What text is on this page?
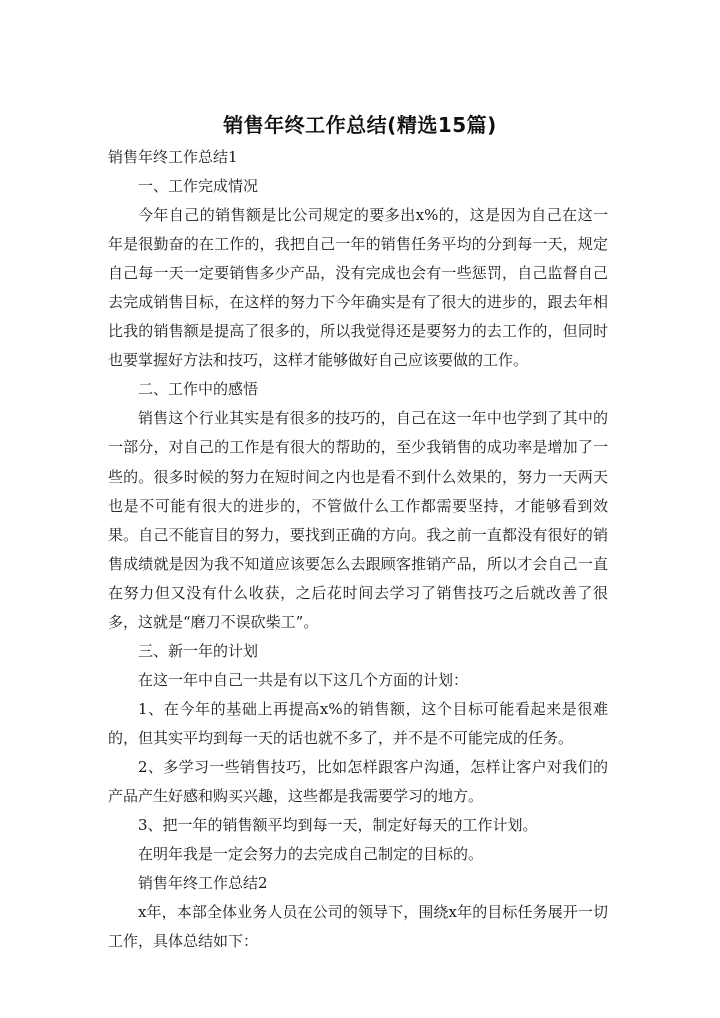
销售年终工作总结(精选15篇)

销售年终工作总结1

一、工作完成情况

今年自己的销售额是比公司规定的要多出x%的，这是因为自己在这一年是很勤奋的在工作的，我把自己一年的销售任务平均的分到每一天，规定自己每一天一定要销售多少产品，没有完成也会有一些惩罚，自己监督自己去完成销售目标，在这样的努力下今年确实是有了很大的进步的，跟去年相比我的销售额是提高了很多的，所以我觉得还是要努力的去工作的，但同时也要掌握好方法和技巧，这样才能够做好自己应该要做的工作。

二、工作中的感悟

销售这个行业其实是有很多的技巧的，自己在这一年中也学到了其中的一部分，对自己的工作是有很大的帮助的，至少我销售的成功率是增加了一些的。很多时候的努力在短时间之内也是看不到什么效果的，努力一天两天也是不可能有很大的进步的，不管做什么工作都需要坚持，才能够看到效果。自己不能盲目的努力，要找到正确的方向。我之前一直都没有很好的销售成绩就是因为我不知道应该要怎么去跟顾客推销产品，所以才会自己一直在努力但又没有什么收获，之后花时间去学习了销售技巧之后就改善了很多，这就是“磨刀不误砍柴工”。

三、新一年的计划

在这一年中自己一共是有以下这几个方面的计划：

1、在今年的基础上再提高x%的销售额，这个目标可能看起来是很难的，但其实平均到每一天的话也就不多了，并不是不可能完成的任务。

2、多学习一些销售技巧，比如怎样跟客户沟通，怎样让客户对我们的产品产生好感和购买兴趣，这些都是我需要学习的地方。

3、把一年的销售额平均到每一天，制定好每天的工作计划。

在明年我是一定会努力的去完成自己制定的目标的。

销售年终工作总结2

x年，本部全体业务人员在公司的领导下，围绕x年的目标任务展开一切工作，具体总结如下：
